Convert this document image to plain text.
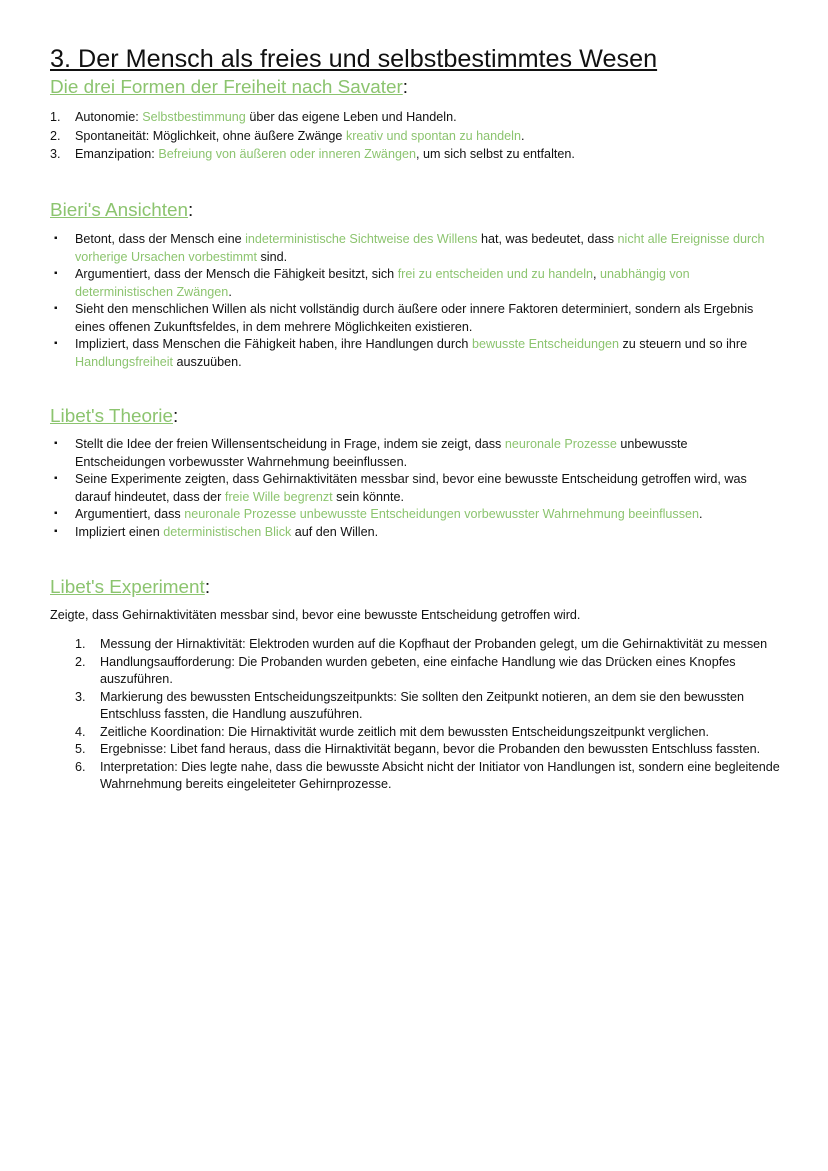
3. Der Mensch als freies und selbstbestimmtes Wesen
Die drei Formen der Freiheit nach Savater:
1. Autonomie: Selbstbestimmung über das eigene Leben und Handeln.
2. Spontaneität: Möglichkeit, ohne äußere Zwänge kreativ und spontan zu handeln.
3. Emanzipation: Befreiung von äußeren oder inneren Zwängen, um sich selbst zu entfalten.
Bieri's Ansichten:
▪ Betont, dass der Mensch eine indeterministische Sichtweise des Willens hat, was bedeutet, dass nicht alle Ereignisse durch vorherige Ursachen vorbestimmt sind.
▪ Argumentiert, dass der Mensch die Fähigkeit besitzt, sich frei zu entscheiden und zu handeln, unabhängig von deterministischen Zwängen.
▪ Sieht den menschlichen Willen als nicht vollständig durch äußere oder innere Faktoren determiniert, sondern als Ergebnis eines offenen Zukunftsfeldes, in dem mehrere Möglichkeiten existieren.
▪ Impliziert, dass Menschen die Fähigkeit haben, ihre Handlungen durch bewusste Entscheidungen zu steuern und so ihre Handlungsfreiheit auszuüben.
Libet's Theorie:
▪ Stellt die Idee der freien Willensentscheidung in Frage, indem sie zeigt, dass neuronale Prozesse unbewusste Entscheidungen vorbewusster Wahrnehmung beeinflussen.
▪ Seine Experimente zeigten, dass Gehirnaktivitäten messbar sind, bevor eine bewusste Entscheidung getroffen wird, was darauf hindeutet, dass der freie Wille begrenzt sein könnte.
▪ Argumentiert, dass neuronale Prozesse unbewusste Entscheidungen vorbewusster Wahrnehmung beeinflussen.
▪ Impliziert einen deterministischen Blick auf den Willen.
Libet's Experiment:

Zeigte, dass Gehirnaktivitäten messbar sind, bevor eine bewusste Entscheidung getroffen wird.

1. Messung der Hirnaktivität: Elektroden wurden auf die Kopfhaut der Probanden gelegt, um die Gehirnaktivität zu messen
2. Handlungsaufforderung: Die Probanden wurden gebeten, eine einfache Handlung wie das Drücken eines Knopfes auszuführen.
3. Markierung des bewussten Entscheidungszeitpunkts: Sie sollten den Zeitpunkt notieren, an dem sie den bewussten Entschluss fassten, die Handlung auszuführen.
4. Zeitliche Koordination: Die Hirnaktivität wurde zeitlich mit dem bewussten Entscheidungszeitpunkt verglichen.
5. Ergebnisse: Libet fand heraus, dass die Hirnaktivität begann, bevor die Probanden den bewussten Entschluss fassten.
6. Interpretation: Dies legte nahe, dass die bewusste Absicht nicht der Initiator von Handlungen ist, sondern eine begleitende Wahrnehmung bereits eingeleiteter Gehirnprozesse.
